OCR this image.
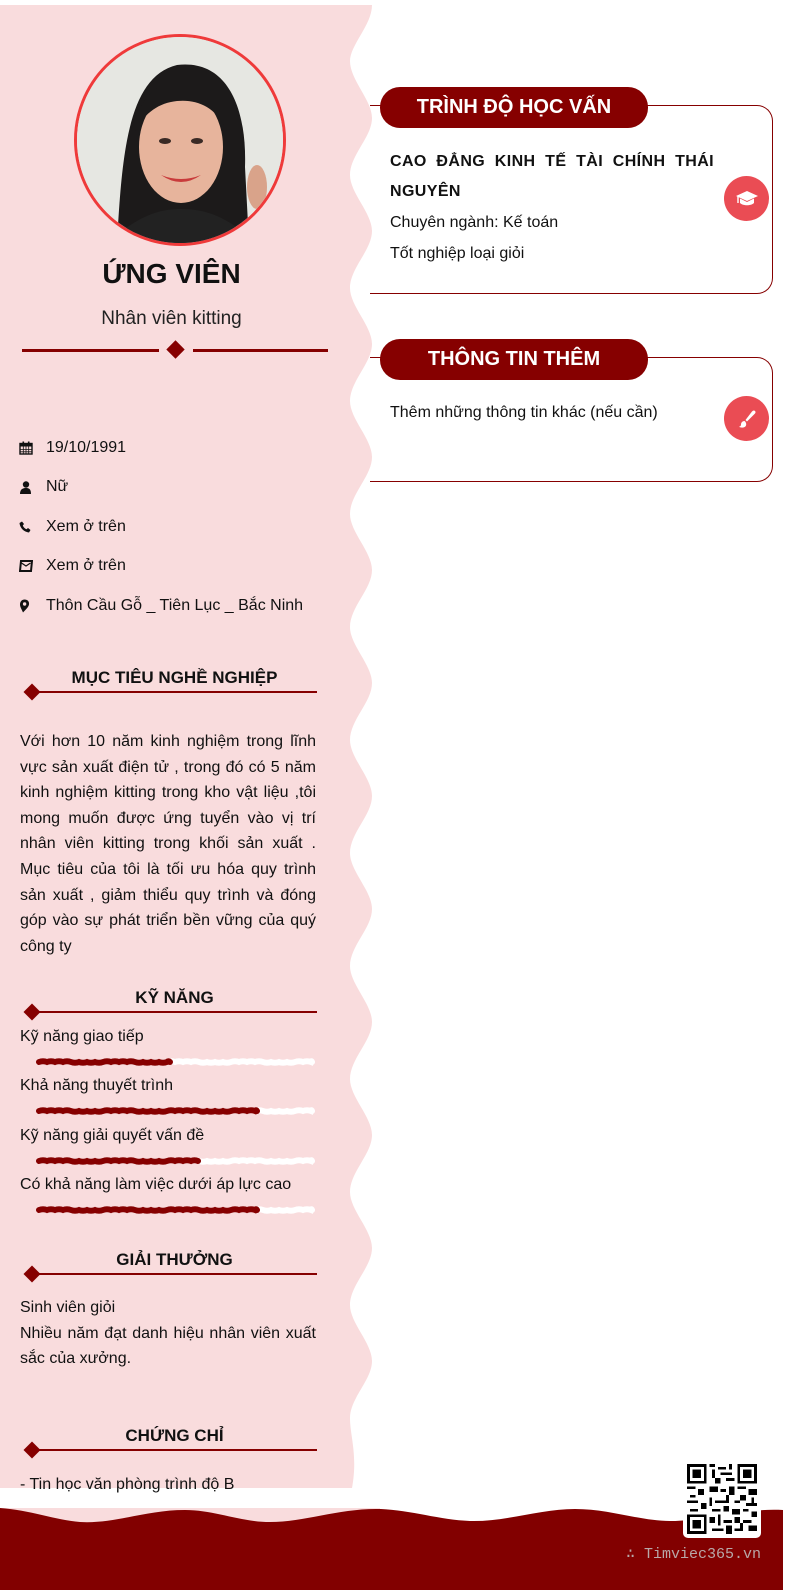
ỨNG VIÊN
Nhân viên kitting
19/10/1991
Nữ
Xem ở trên
Xem ở trên
Thôn Cầu Gỗ _ Tiên Lục _ Bắc Ninh
MỤC TIÊU NGHỀ NGHIỆP
Với hơn 10 năm kinh nghiệm trong lĩnh vực sản xuất điện tử , trong đó có 5 năm kinh nghiệm kitting trong kho vật liệu ,tôi mong muốn được ứng tuyển vào vị trí nhân viên kitting trong khối sản xuất . Mục tiêu của tôi là tối ưu hóa quy trình sản xuất , giảm thiểu quy trình và đóng góp vào sự phát triển bền vững của quý công ty
KỸ NĂNG
Kỹ năng giao tiếp
Khả năng thuyết trình
Kỹ năng giải quyết vấn đề
Có khả năng làm việc dưới áp lực cao
GIẢI THƯỞNG
Sinh viên giỏi
Nhiều năm đạt danh hiệu nhân viên xuất sắc của xưởng.
CHỨNG CHỈ
- Tin học văn phòng trình độ B
TRÌNH ĐỘ HỌC VẤN
CAO ĐẲNG KINH TẾ TÀI CHÍNH THÁI NGUYÊN
Chuyên ngành: Kế toán
Tốt nghiệp loại giỏi
THÔNG TIN THÊM
Thêm những thông tin khác (nếu cần)
∴ Timviec365.vn
